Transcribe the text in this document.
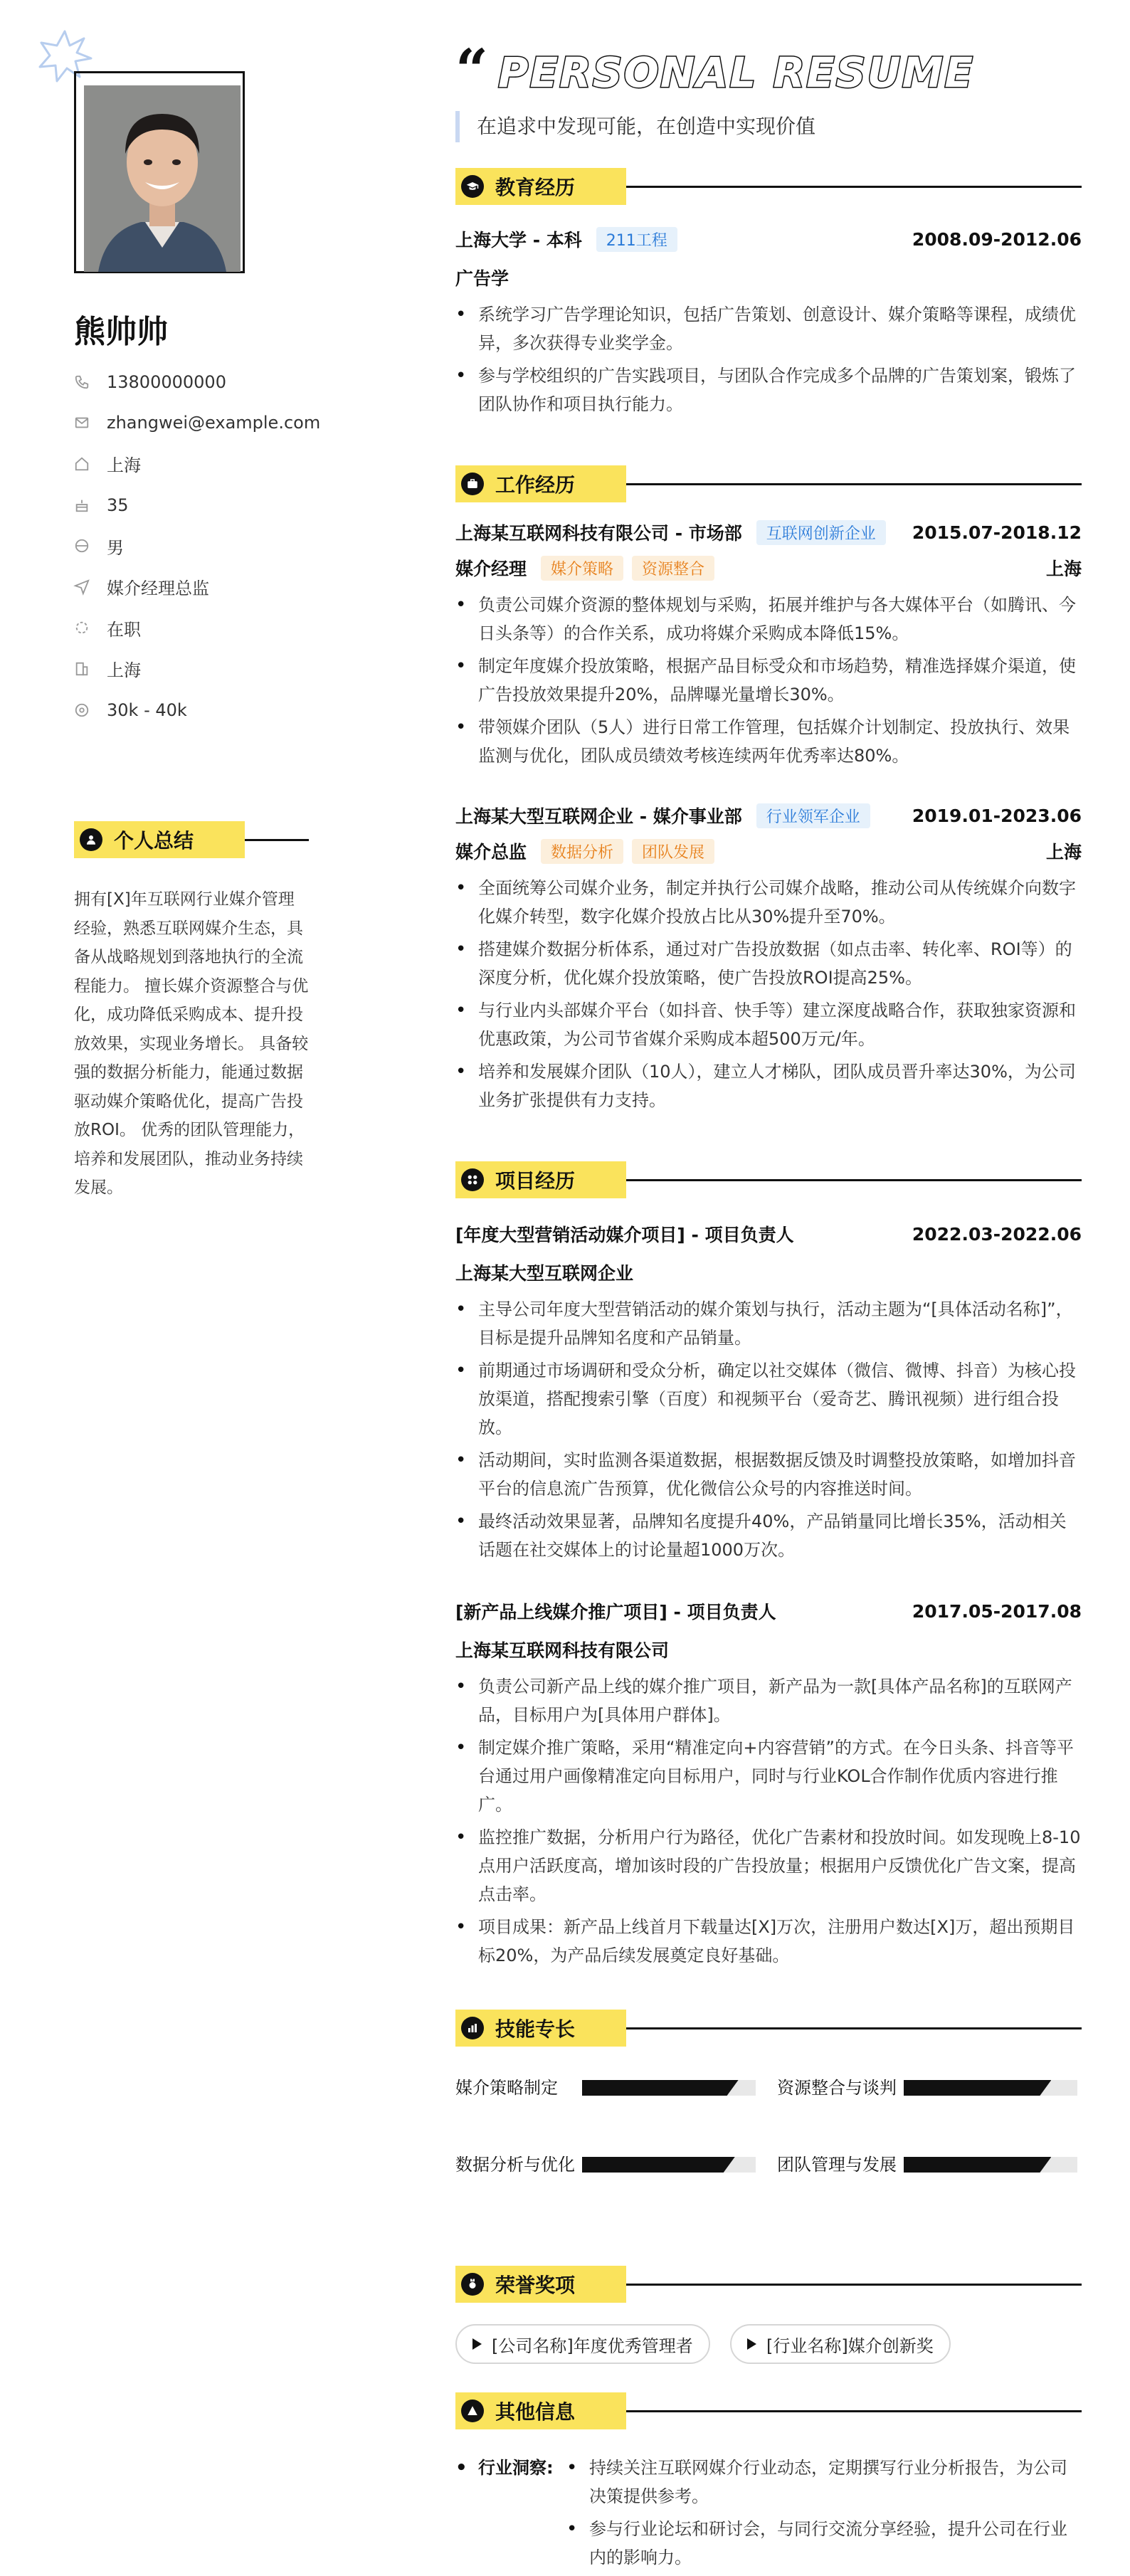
熊帅帅
13800000000
zhangwei@example.com
上海
35
男
媒介经理总监
在职
上海
30k - 40k
个人总结
拥有[X]年互联网行业媒介管理经验，熟悉互联网媒介生态，具备从战略规划到落地执行的全流程能力。 擅长媒介资源整合与优化，成功降低采购成本、提升投放效果，实现业务增长。 具备较强的数据分析能力，能通过数据驱动媒介策略优化，提高广告投放ROI。 优秀的团队管理能力，培养和发展团队，推动业务持续发展。
“ PERSONAL RESUME
在追求中发现可能，在创造中实现价值
教育经历
上海大学 - 本科	211工程	2008.09-2012.06
广告学
• 系统学习广告学理论知识，包括广告策划、创意设计、媒介策略等课程，成绩优异，多次获得专业奖学金。
• 参与学校组织的广告实践项目，与团队合作完成多个品牌的广告策划案，锻炼了团队协作和项目执行能力。
工作经历
上海某互联网科技有限公司 - 市场部	互联网创新企业	2015.07-2018.12
媒介经理	媒介策略	资源整合	上海
• 负责公司媒介资源的整体规划与采购，拓展并维护与各大媒体平台（如腾讯、今日头条等）的合作关系，成功将媒介采购成本降低15%。
• 制定年度媒介投放策略，根据产品目标受众和市场趋势，精准选择媒介渠道，使广告投放效果提升20%，品牌曝光量增长30%。
• 带领媒介团队（5人）进行日常工作管理，包括媒介计划制定、投放执行、效果监测与优化，团队成员绩效考核连续两年优秀率达80%。
上海某大型互联网企业 - 媒介事业部	行业领军企业	2019.01-2023.06
媒介总监	数据分析	团队发展	上海
• 全面统筹公司媒介业务，制定并执行公司媒介战略，推动公司从传统媒介向数字化媒介转型，数字化媒介投放占比从30%提升至70%。
• 搭建媒介数据分析体系，通过对广告投放数据（如点击率、转化率、ROI等）的深度分析，优化媒介投放策略，使广告投放ROI提高25%。
• 与行业内头部媒介平台（如抖音、快手等）建立深度战略合作，获取独家资源和优惠政策，为公司节省媒介采购成本超500万元/年。
• 培养和发展媒介团队（10人），建立人才梯队，团队成员晋升率达30%，为公司业务扩张提供有力支持。
项目经历
[年度大型营销活动媒介项目] - 项目负责人	2022.03-2022.06
上海某大型互联网企业
• 主导公司年度大型营销活动的媒介策划与执行，活动主题为“[具体活动名称]”，目标是提升品牌知名度和产品销量。
• 前期通过市场调研和受众分析，确定以社交媒体（微信、微博、抖音）为核心投放渠道，搭配搜索引擎（百度）和视频平台（爱奇艺、腾讯视频）进行组合投放。
• 活动期间，实时监测各渠道数据，根据数据反馈及时调整投放策略，如增加抖音平台的信息流广告预算，优化微信公众号的内容推送时间。
• 最终活动效果显著，品牌知名度提升40%，产品销量同比增长35%，活动相关话题在社交媒体上的讨论量超1000万次。
[新产品上线媒介推广项目] - 项目负责人	2017.05-2017.08
上海某互联网科技有限公司
• 负责公司新产品上线的媒介推广项目，新产品为一款[具体产品名称]的互联网产品，目标用户为[具体用户群体]。
• 制定媒介推广策略，采用“精准定向+内容营销”的方式。在今日头条、抖音等平台通过用户画像精准定向目标用户，同时与行业KOL合作制作优质内容进行推广。
• 监控推广数据，分析用户行为路径，优化广告素材和投放时间。如发现晚上8-10点用户活跃度高，增加该时段的广告投放量；根据用户反馈优化广告文案，提高点击率。
• 项目成果：新产品上线首月下载量达[X]万次，注册用户数达[X]万，超出预期目标20%，为产品后续发展奠定良好基础。
技能专长
媒介策略制定	资源整合与谈判
数据分析与优化	团队管理与发展
荣誉奖项
[公司名称]年度优秀管理者	[行业名称]媒介创新奖
其他信息
• 行业洞察:
•	持续关注互联网媒介行业动态，定期撰写行业分析报告，为公司决策提供参考。
• 参与行业论坛和研讨会，与同行交流分享经验，提升公司在行业内的影响力。
